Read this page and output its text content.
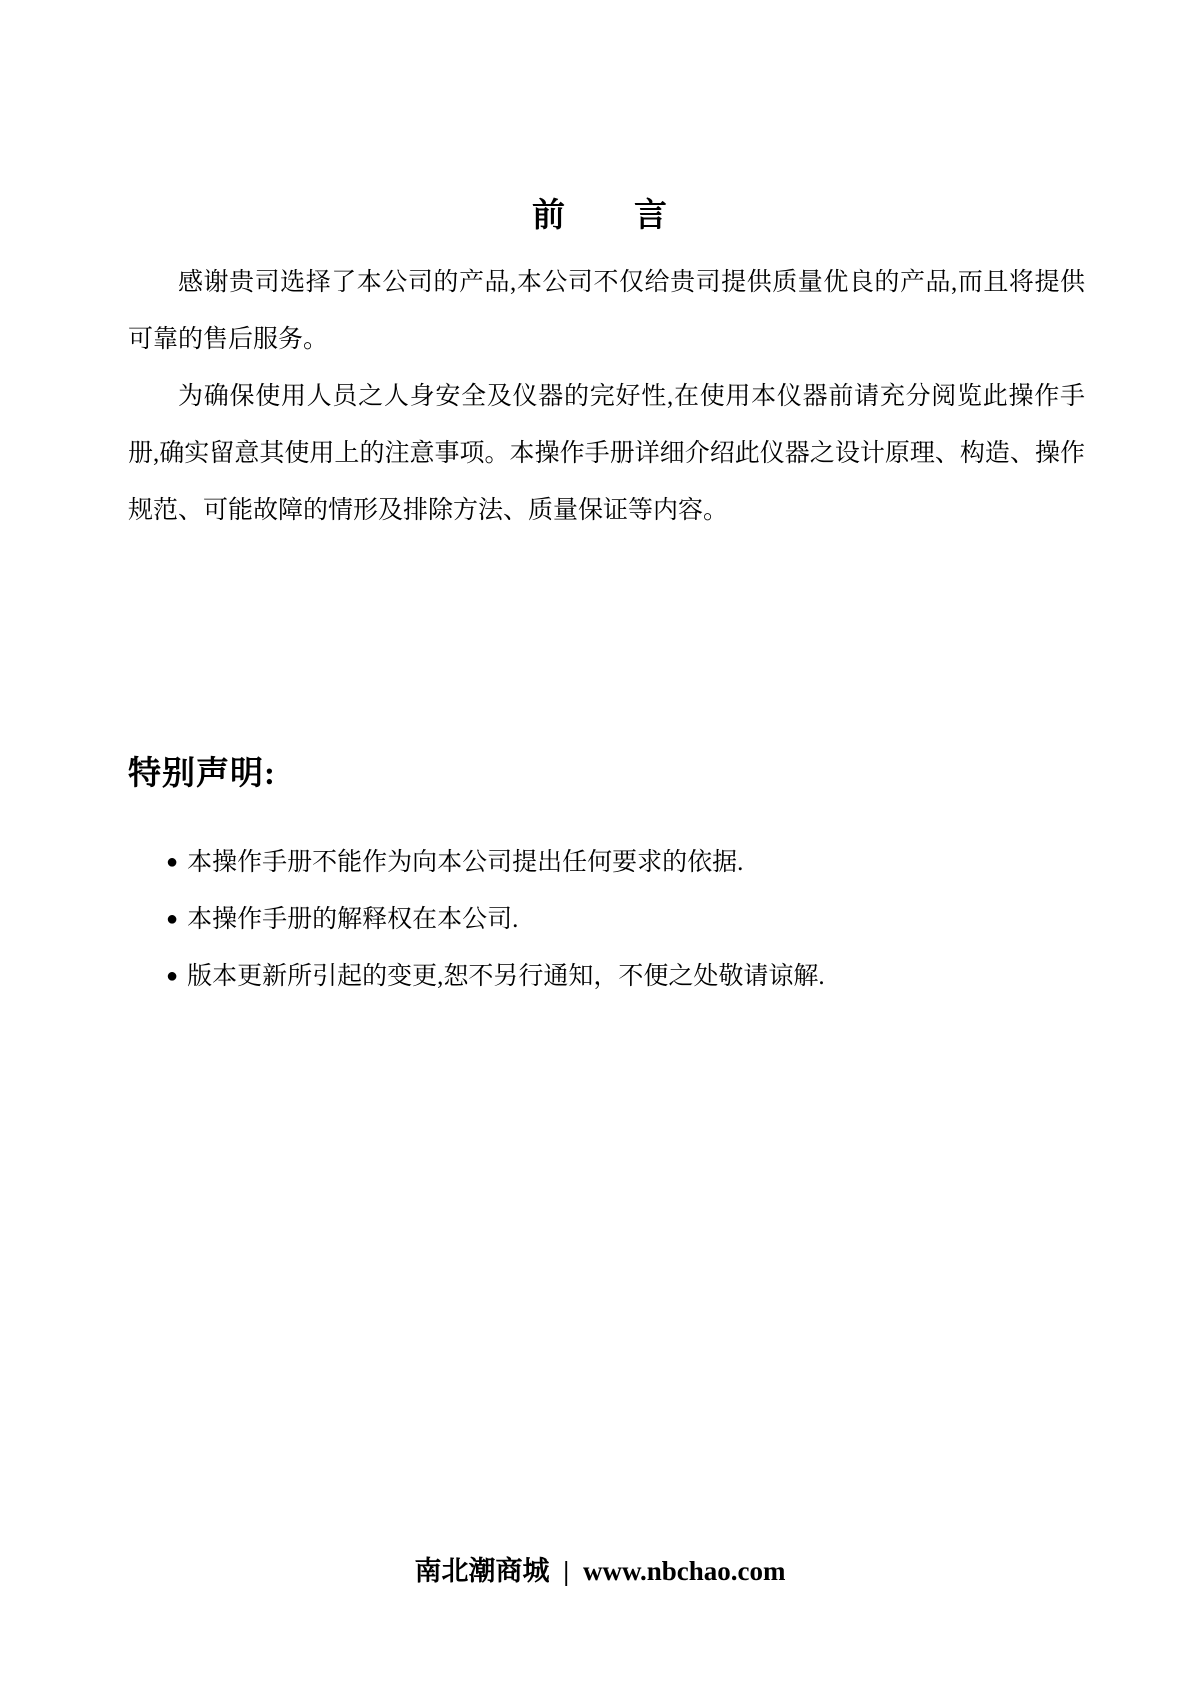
前　　言

感谢贵司选择了本公司的产品,本公司不仅给贵司提供质量优良的产品,而且将提供可靠的售后服务。

为确保使用人员之人身安全及仪器的完好性,在使用本仪器前请充分阅览此操作手册,确实留意其使用上的注意事项。本操作手册详细介绍此仪器之设计原理、构造、操作规范、可能故障的情形及排除方法、质量保证等内容。

特别声明:
● 本操作手册不能作为向本公司提出任何要求的依据.
● 本操作手册的解释权在本公司.
● 版本更新所引起的变更,恕不另行通知，不便之处敬请谅解.
南北潮商城 | www.nbchao.com
